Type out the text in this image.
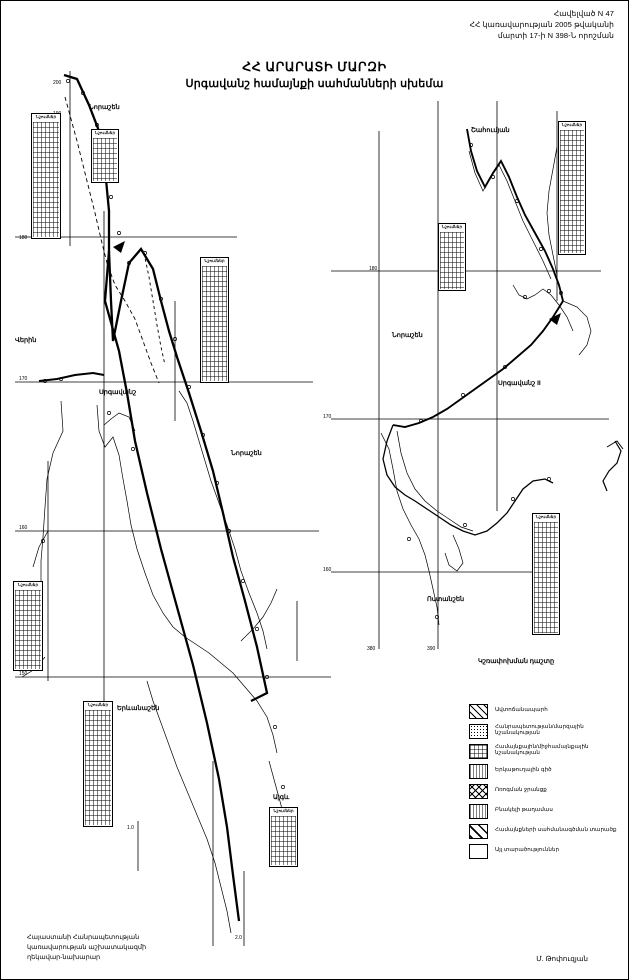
Հավելված N 47
ՀՀ կառավարության 2005 թվականի
մարտի 17-ի N 398-Ն որոշման
ՀՀ ԱՐԱՐԱՏԻ ՄԱՐԶԻ
Սրգավանշ համայնքի սահմանների սխեմա
200
180
170
160
150
1.0
2.0
180
170
160
380	390
Նորաշեն
Վերին
Սրգավանշ
Նորաշեն
Երևանաշեն
Այգև
Շահումյան
Նորաշեն
Սրգավանշ II
Ոստանշեն
Նշումներ
Նշումներ
Նշումներ
Նշումներ
Նշումներ
Նշումներ
Նշումներ
Նշումներ
Նշումներ
Կշռափոխման դաշտը
Ավտոճանապարհ
Հանրապետության/մարզային նշանակության
Համայնքային/միջհամայնքային նշանակության
Երկաթուղային գիծ
Ոռոգման ջրանցք
Բնակելի թաղամաս
Համայնքների սահմանագծման տարածք
Այլ տարածություններ
Հայաստանի Հանրապետության
կառավարության աշխատակազմի
ղեկավար-նախարար	Մ. Թոփուզյան
